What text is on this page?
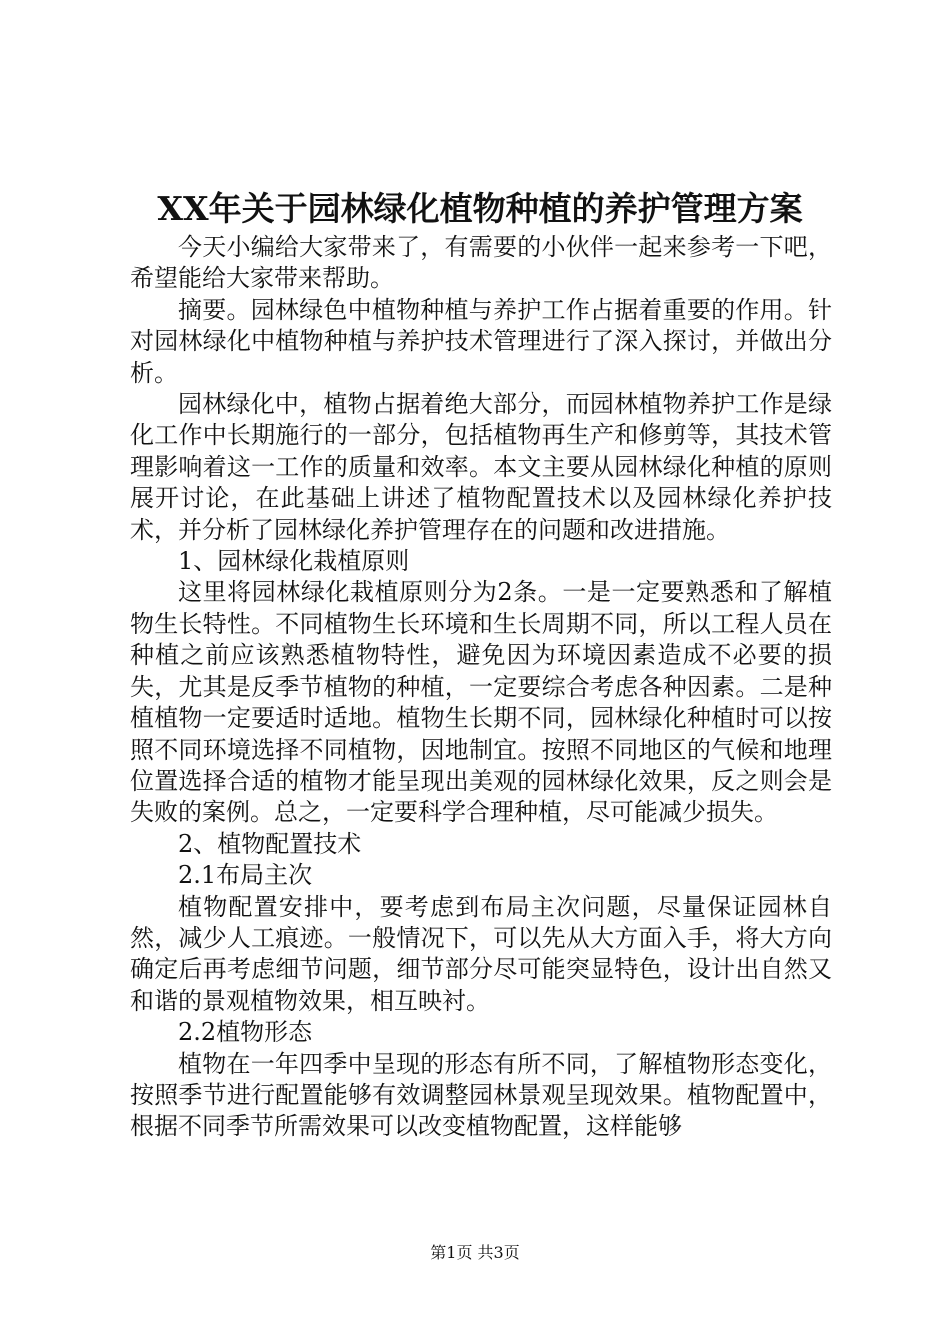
XX年关于园林绿化植物种植的养护管理方案

今天小编给大家带来了，有需要的小伙伴一起来参考一下吧，希望能给大家带来帮助。

摘要。园林绿色中植物种植与养护工作占据着重要的作用。针对园林绿化中植物种植与养护技术管理进行了深入探讨，并做出分析。

园林绿化中，植物占据着绝大部分，而园林植物养护工作是绿化工作中长期施行的一部分，包括植物再生产和修剪等，其技术管理影响着这一工作的质量和效率。本文主要从园林绿化种植的原则展开讨论，在此基础上讲述了植物配置技术以及园林绿化养护技术，并分析了园林绿化养护管理存在的问题和改进措施。

1、园林绿化栽植原则

这里将园林绿化栽植原则分为2条。一是一定要熟悉和了解植物生长特性。不同植物生长环境和生长周期不同，所以工程人员在种植之前应该熟悉植物特性，避免因为环境因素造成不必要的损失，尤其是反季节植物的种植，一定要综合考虑各种因素。二是种植植物一定要适时适地。植物生长期不同，园林绿化种植时可以按照不同环境选择不同植物，因地制宜。按照不同地区的气候和地理位置选择合适的植物才能呈现出美观的园林绿化效果，反之则会是失败的案例。总之，一定要科学合理种植，尽可能减少损失。

2、植物配置技术

2.1布局主次

植物配置安排中，要考虑到布局主次问题，尽量保证园林自然，减少人工痕迹。一般情况下，可以先从大方面入手，将大方向确定后再考虑细节问题，细节部分尽可能突显特色，设计出自然又和谐的景观植物效果，相互映衬。

2.2植物形态

植物在一年四季中呈现的形态有所不同，了解植物形态变化，按照季节进行配置能够有效调整园林景观呈现效果。植物配置中，根据不同季节所需效果可以改变植物配置，这样能够

第1页 共3页
